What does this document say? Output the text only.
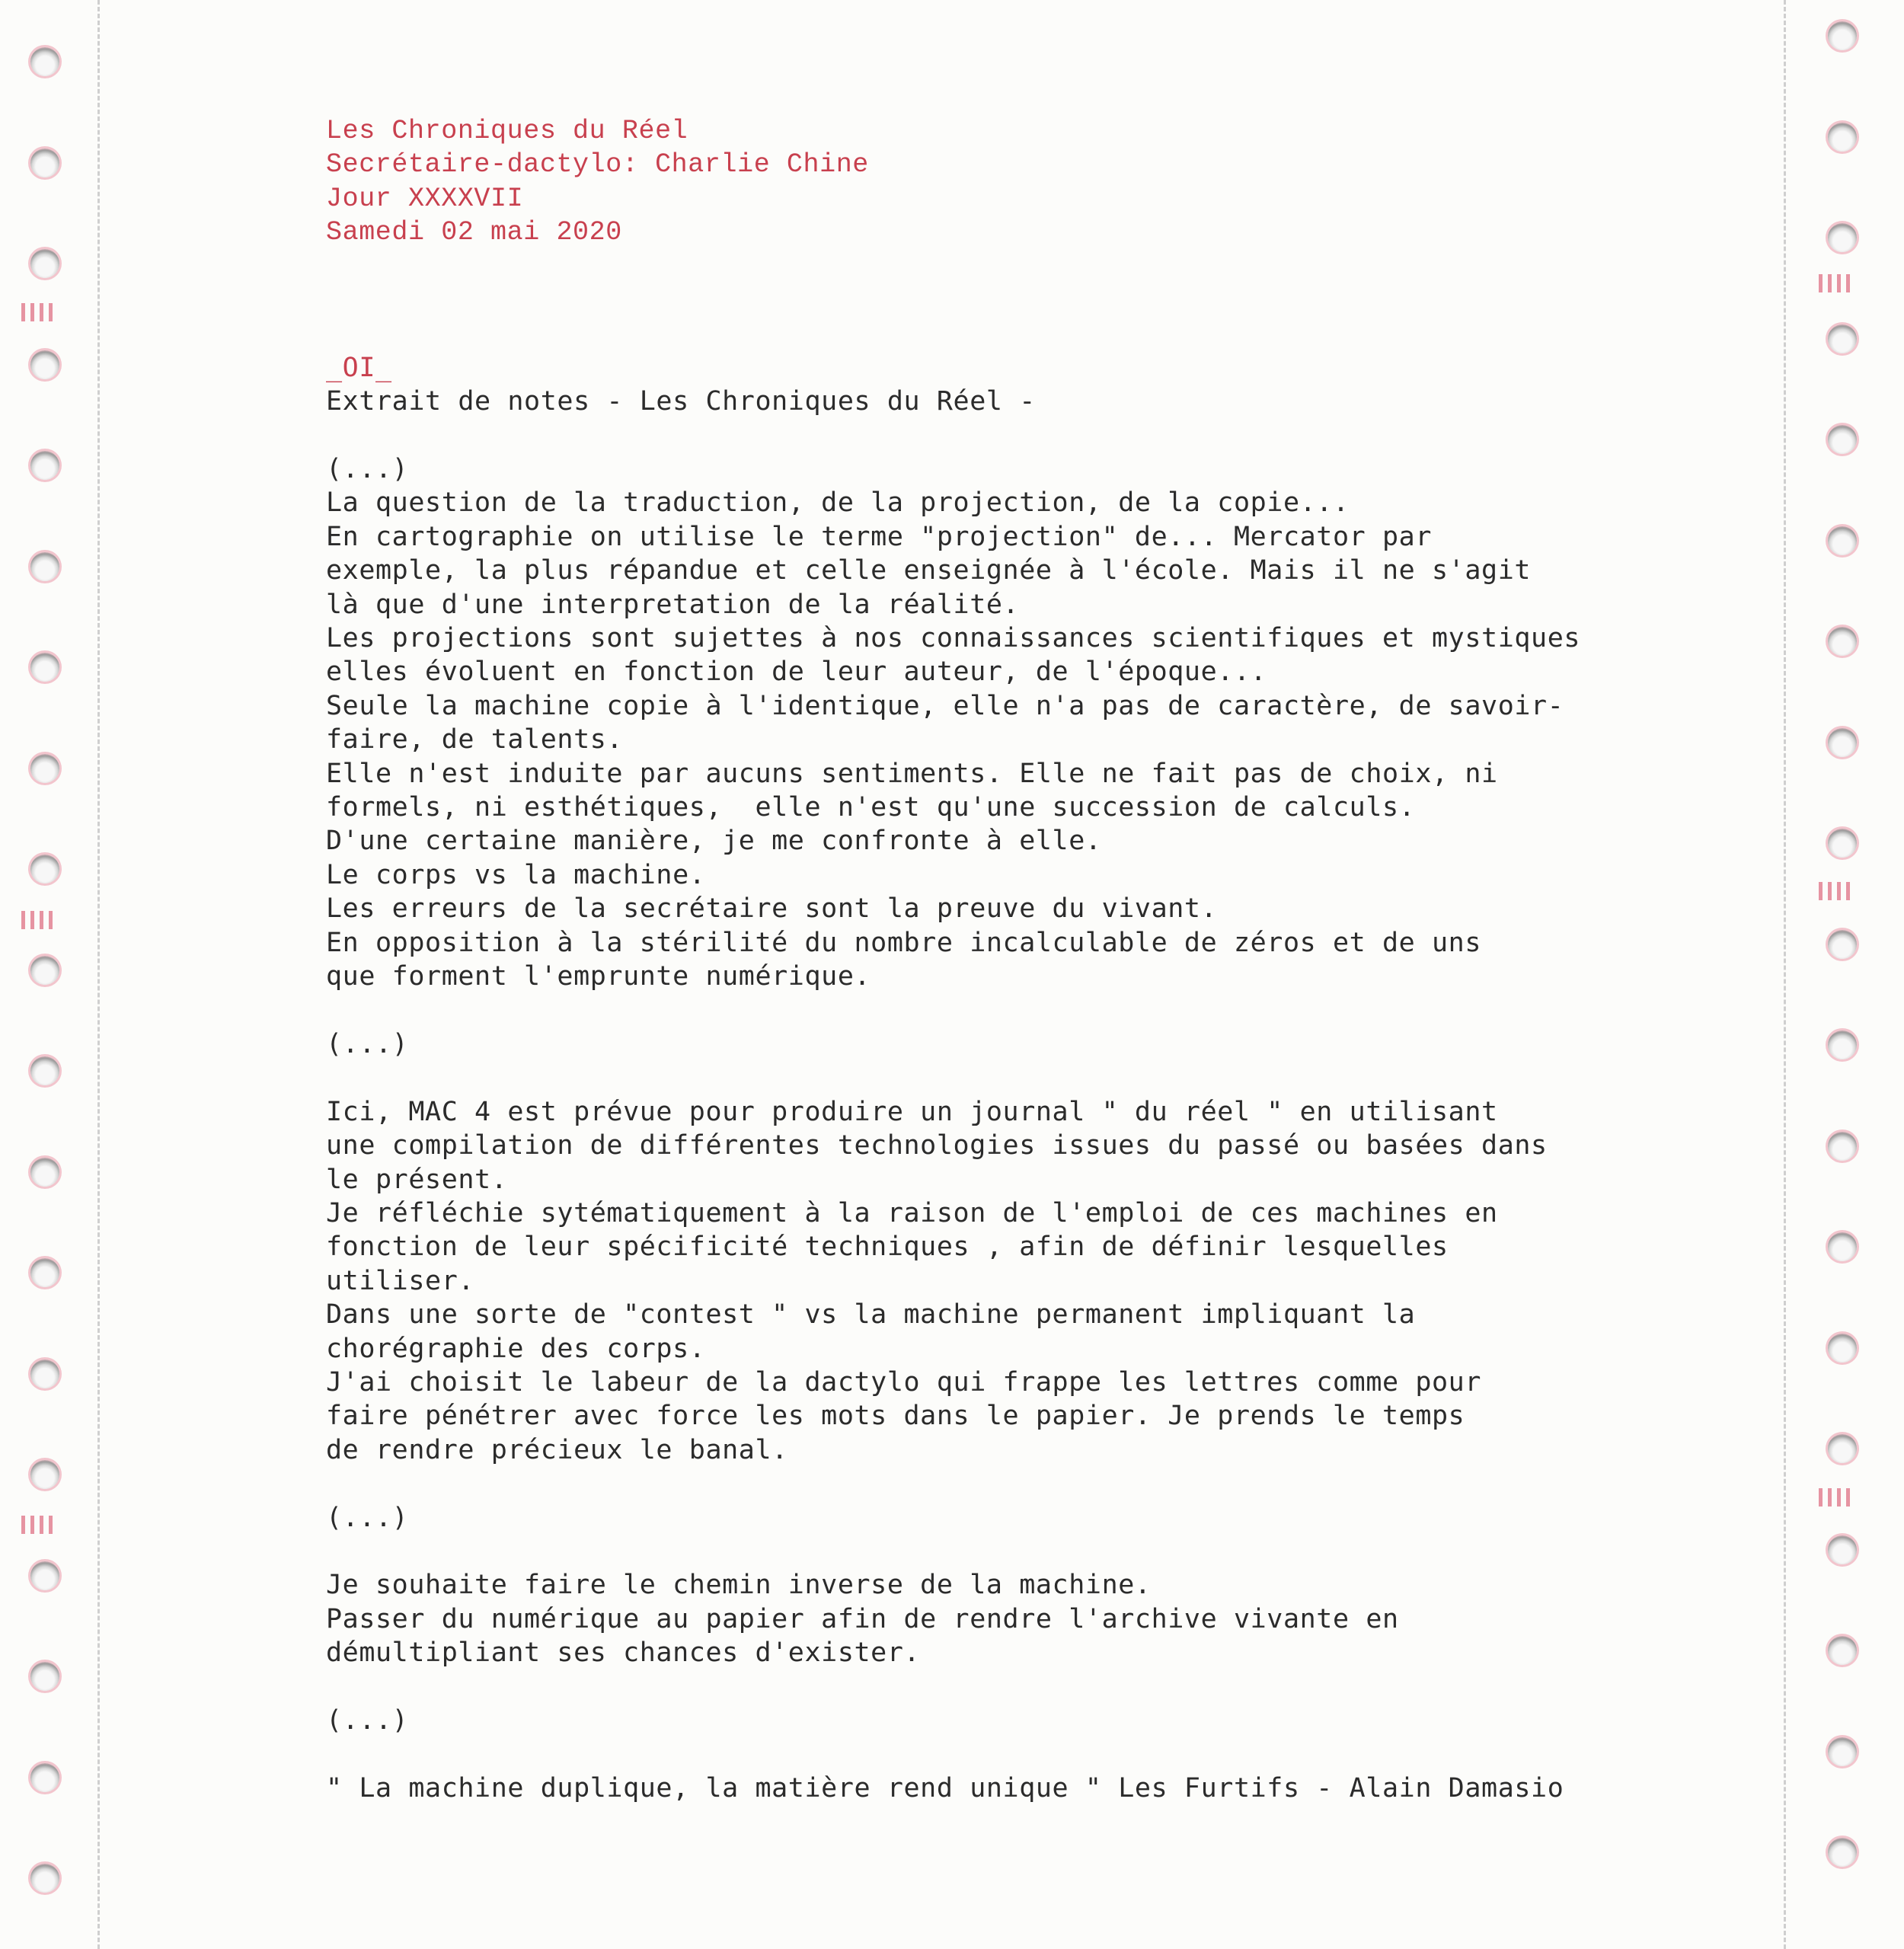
Les Chroniques du Réel
Secrétaire-dactylo: Charlie Chine
Jour XXXXVII
Samedi 02 mai 2020
_OI_
Extrait de notes - Les Chroniques du Réel -
(...)
La question de la traduction, de la projection, de la copie...
En cartographie on utilise le terme "projection" de... Mercator par
exemple, la plus répandue et celle enseignée à l'école. Mais il ne s'agit
là que d'une interpretation de la réalité.
Les projections sont sujettes à nos connaissances scientifiques et mystiques
elles évoluent en fonction de leur auteur, de l'époque...
Seule la machine copie à l'identique, elle n'a pas de caractère, de savoir-
faire, de talents.
Elle n'est induite par aucuns sentiments. Elle ne fait pas de choix, ni
formels, ni esthétiques,  elle n'est qu'une succession de calculs.
D'une certaine manière, je me confronte à elle.
Le corps vs la machine.
Les erreurs de la secrétaire sont la preuve du vivant.
En opposition à la stérilité du nombre incalculable de zéros et de uns
que forment l'emprunte numérique.
(...)
Ici, MAC 4 est prévue pour produire un journal " du réel " en utilisant
une compilation de différentes technologies issues du passé ou basées dans
le présent.
Je réfléchie sytématiquement à la raison de l'emploi de ces machines en
fonction de leur spécificité techniques , afin de définir lesquelles
utiliser.
Dans une sorte de "contest " vs la machine permanent impliquant la
chorégraphie des corps.
J'ai choisit le labeur de la dactylo qui frappe les lettres comme pour
faire pénétrer avec force les mots dans le papier. Je prends le temps
de rendre précieux le banal.
(...)
Je souhaite faire le chemin inverse de la machine.
Passer du numérique au papier afin de rendre l'archive vivante en
démultipliant ses chances d'exister.
(...)
" La machine duplique, la matière rend unique " Les Furtifs - Alain Damasio
